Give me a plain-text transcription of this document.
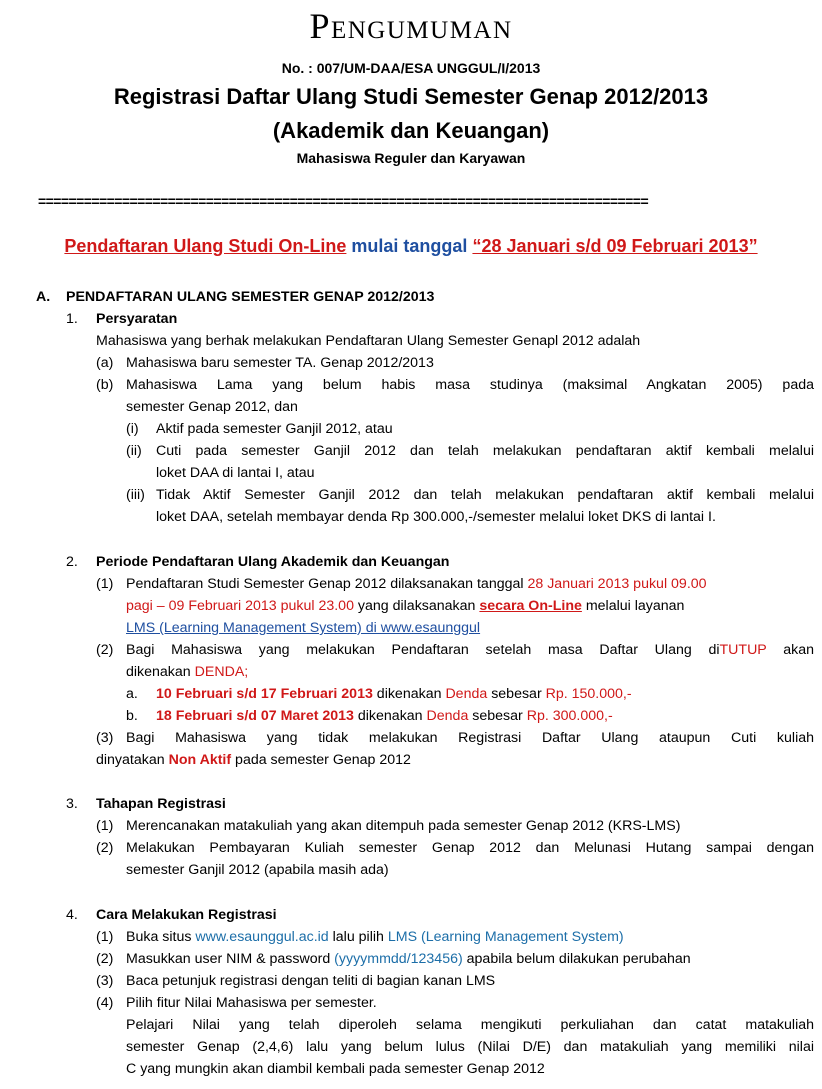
Pengumuman
No. : 007/UM-DAA/ESA UNGGUL/I/2013
Registrasi Daftar Ulang Studi Semester Genap 2012/2013
(Akademik dan Keuangan)
Mahasiswa Reguler dan Karyawan
================================================================================
Pendaftaran Ulang Studi On-Line mulai tanggal “28 Januari s/d 09 Februari 2013”
A. PENDAFTARAN ULANG SEMESTER GENAP 2012/2013
1. Persyaratan
Mahasiswa yang berhak melakukan Pendaftaran Ulang Semester Genapl 2012 adalah
(a) Mahasiswa baru semester TA. Genap 2012/2013
(b) Mahasiswa Lama yang belum habis masa studinya (maksimal Angkatan 2005) pada
semester Genap 2012, dan
(i) Aktif pada semester Ganjil 2012, atau
(ii) Cuti pada semester Ganjil 2012 dan telah melakukan pendaftaran aktif kembali melalui
loket DAA di lantai I, atau
(iii) Tidak Aktif Semester Ganjil 2012 dan telah melakukan pendaftaran aktif kembali melalui
loket DAA, setelah membayar denda Rp 300.000,-/semester melalui loket DKS di lantai I.
2. Periode Pendaftaran Ulang Akademik dan Keuangan
(1) Pendaftaran Studi Semester Genap 2012 dilaksanakan tanggal 28 Januari 2013 pukul 09.00
pagi – 09 Februari 2013 pukul 23.00 yang dilaksanakan secara On-Line melalui layanan
LMS (Learning Management System) di www.esaunggul
(2) Bagi Mahasiswa yang melakukan Pendaftaran setelah masa Daftar Ulang diTUTUP akan
dikenakan DENDA;
a. 10 Februari s/d 17 Februari 2013 dikenakan Denda sebesar Rp. 150.000,-
b. 18 Februari s/d 07 Maret 2013 dikenakan Denda sebesar Rp. 300.000,-
(3) Bagi Mahasiswa yang tidak melakukan Registrasi Daftar Ulang ataupun Cuti kuliah
dinyatakan Non Aktif pada semester Genap 2012
3. Tahapan Registrasi
(1) Merencanakan matakuliah yang akan ditempuh pada semester Genap 2012 (KRS-LMS)
(2) Melakukan Pembayaran Kuliah semester Genap 2012 dan Melunasi Hutang sampai dengan
semester Ganjil 2012 (apabila masih ada)
4. Cara Melakukan Registrasi
(1) Buka situs www.esaunggul.ac.id lalu pilih LMS (Learning Management System)
(2) Masukkan user NIM & password (yyyymmdd/123456) apabila belum dilakukan perubahan
(3) Baca petunjuk registrasi dengan teliti di bagian kanan LMS
(4) Pilih fitur Nilai Mahasiswa per semester.
Pelajari Nilai yang telah diperoleh selama mengikuti perkuliahan dan catat matakuliah
semester Genap (2,4,6) lalu yang belum lulus (Nilai D/E) dan matakuliah yang memiliki nilai
C yang mungkin akan diambil kembali pada semester Genap 2012
